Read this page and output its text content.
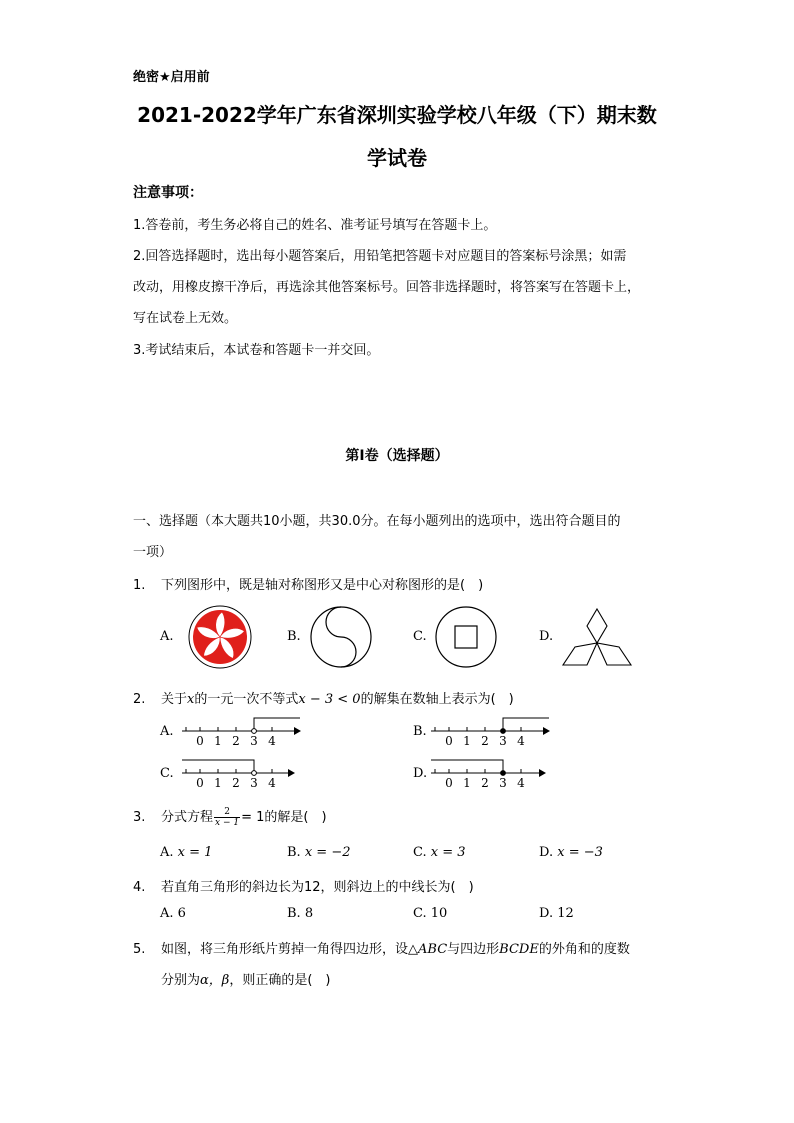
绝密★启用前
2021-2022学年广东省深圳实验学校八年级（下）期末数
学试卷
注意事项：
1.答卷前，考生务必将自己的姓名、准考证号填写在答题卡上。
2.回答选择题时，选出每小题答案后，用铅笔把答题卡对应题目的答案标号涂黑；如需
改动，用橡皮擦干净后，再选涂其他答案标号。回答非选择题时，将答案写在答题卡上，
写在试卷上无效。
3.考试结束后，本试卷和答题卡一并交回。
第Ⅰ卷（选择题）
一、选择题（本大题共10小题，共30.0分。在每小题列出的选项中，选出符合题目的
一项）
1. 下列图形中，既是轴对称图形又是中心对称图形的是(　)
A.	B.	C.	D.
2. 关于x的一元一次不等式x − 3 < 0的解集在数轴上表示为(　)
A.
0 1 2 3 4
B.
0 1 2 3 4
C.
0 1 2 3 4
D.
0 1 2 3 4
3. 分式方程 $\frac{2}{x - 1} = 1$的解是(　)
A. x = 1	B. x = −2	C. x = 3	D. x = −3
4. 若直角三角形的斜边长为12，则斜边上的中线长为(　)
A. 6	B. 8	C. 10	D. 12
5. 如图，将三角形纸片剪掉一角得四边形，设△ABC与四边形BCDE的外角和的度数
分别为α，β，则正确的是(　)
